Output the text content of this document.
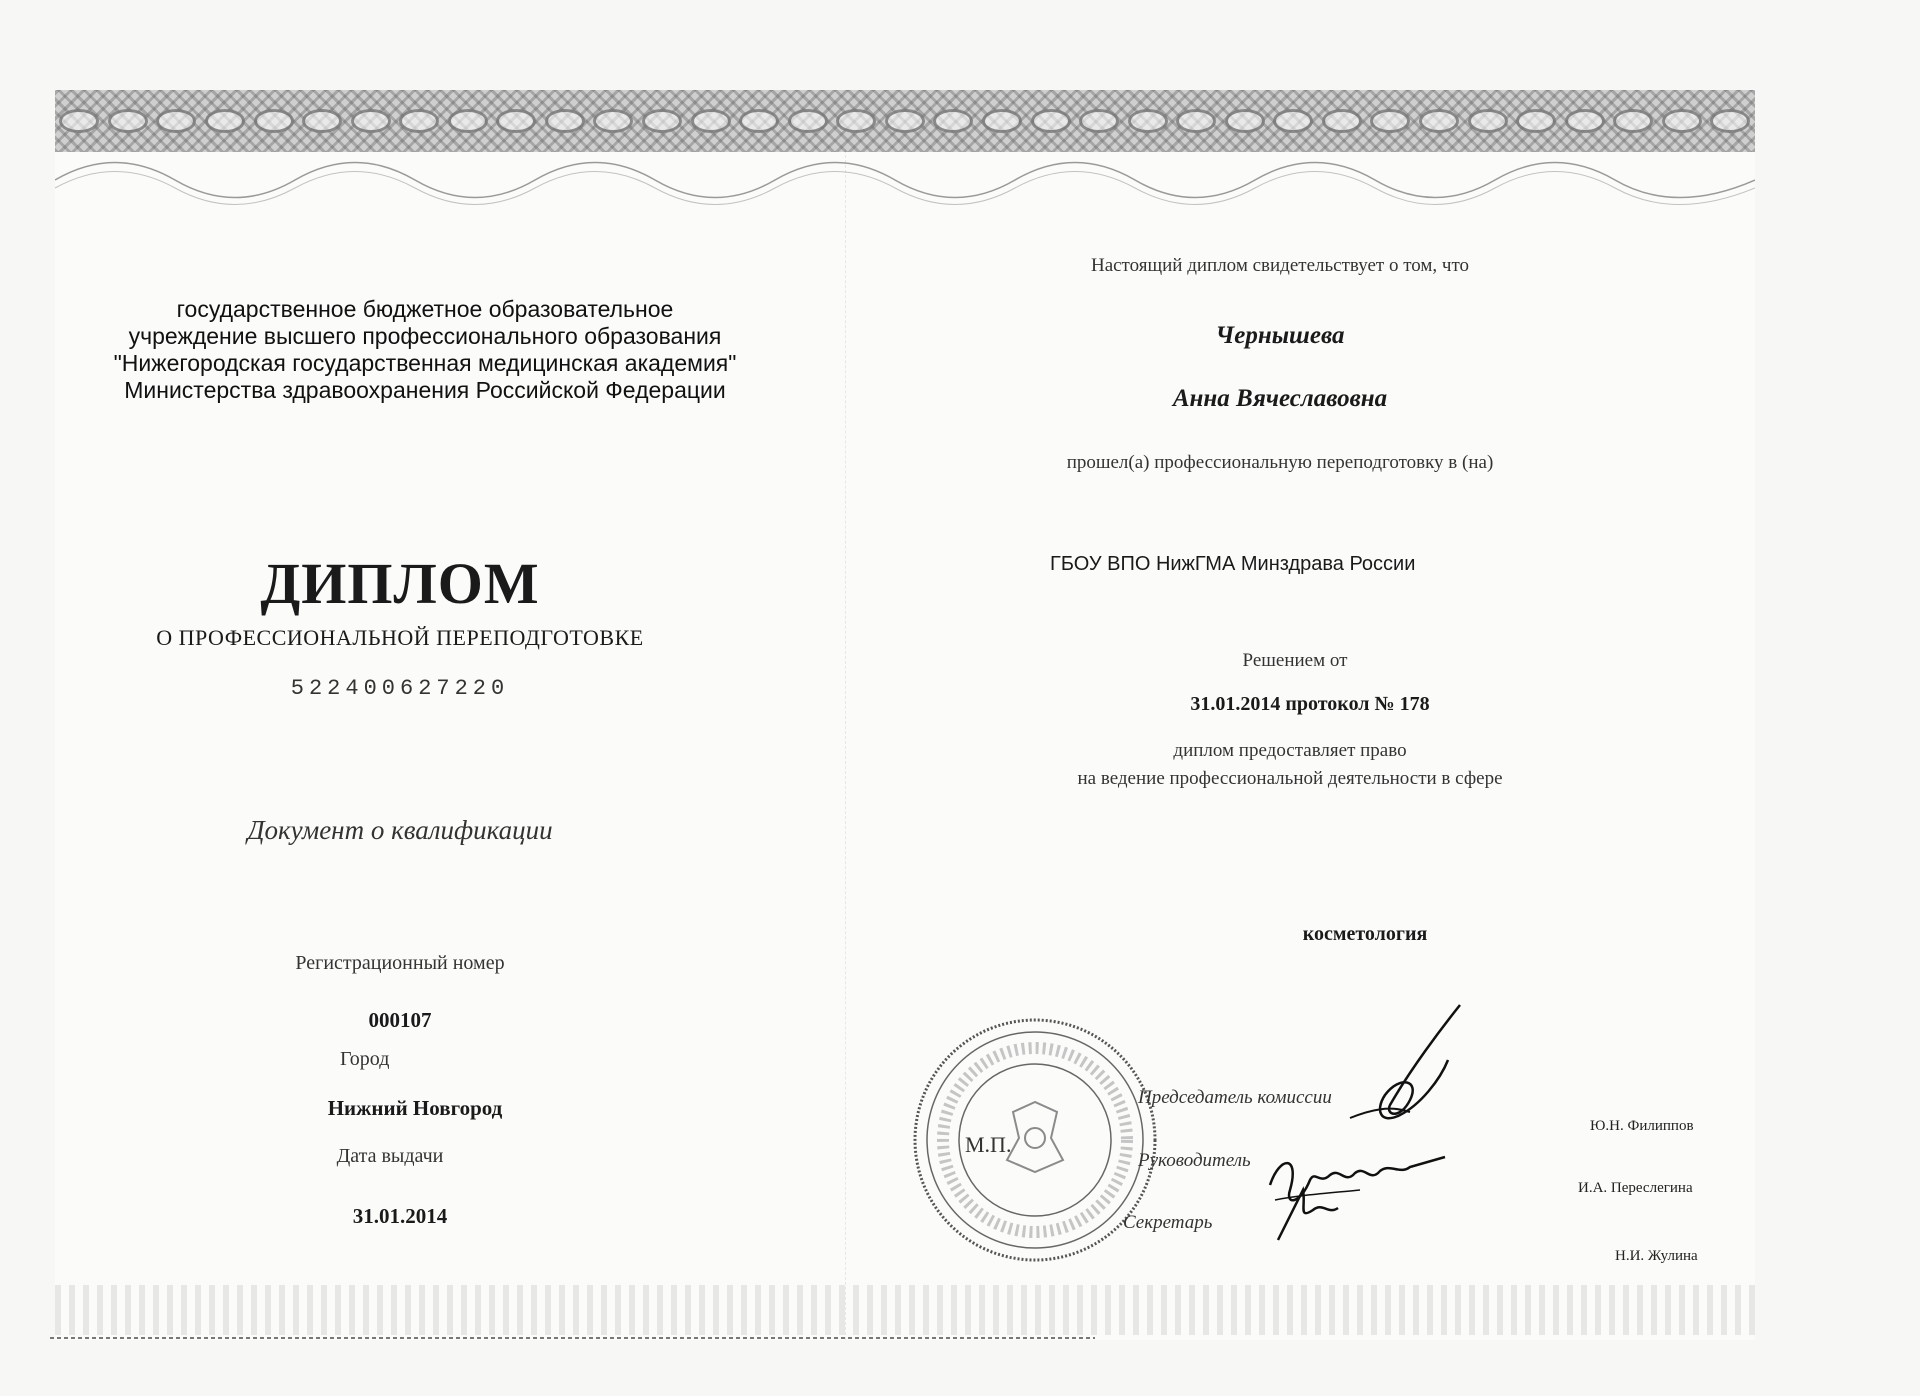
государственное бюджетное образовательное учреждение высшего профессионального образования "Нижегородская государственная медицинская академия" Министерства здравоохранения Российской Федерации

ДИПЛОМ

О ПРОФЕССИОНАЛЬНОЙ ПЕРЕПОДГОТОВКЕ

522400627220

Документ о квалификации

Регистрационный номер

000107

Город

Нижний Новгород

Дата выдачи

31.01.2014

Настоящий диплом свидетельствует о том, что

Чернышева

Анна Вячеславовна

прошел(а) профессиональную переподготовку в (на)

ГБОУ ВПО НижГМА Минздрава России

Решением от

31.01.2014 протокол № 178

диплом предоставляет право

на ведение профессиональной деятельности в сфере

косметология

М.П.

Председатель комиссии

Руководитель

Секретарь

Ю.Н. Филиппов

И.А. Переслегина

Н.И. Жулина
